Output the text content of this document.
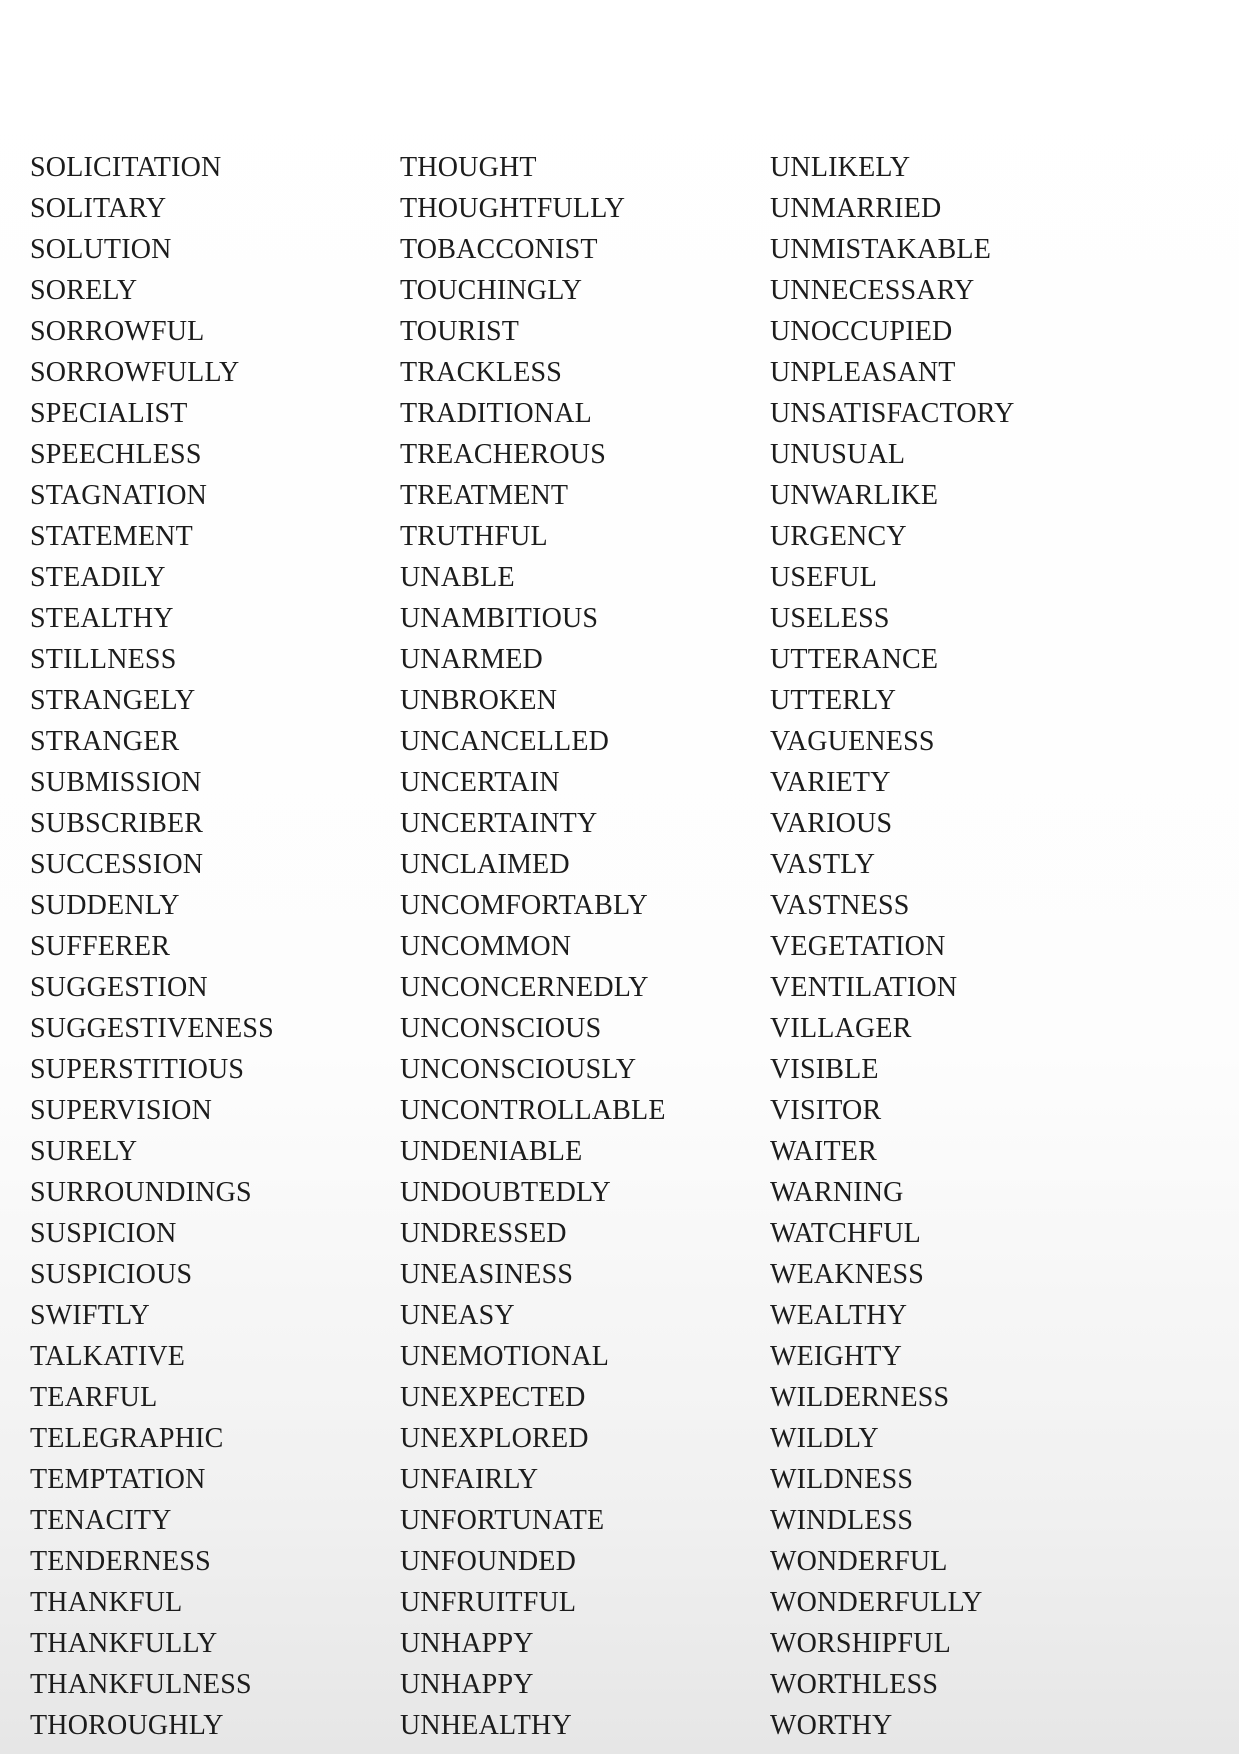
SOLICITATION
SOLITARY
SOLUTION
SORELY
SORROWFUL
SORROWFULLY
SPECIALIST
SPEECHLESS
STAGNATION
STATEMENT
STEADILY
STEALTHY
STILLNESS
STRANGELY
STRANGER
SUBMISSION
SUBSCRIBER
SUCCESSION
SUDDENLY
SUFFERER
SUGGESTION
SUGGESTIVENESS
SUPERSTITIOUS
SUPERVISION
SURELY
SURROUNDINGS
SUSPICION
SUSPICIOUS
SWIFTLY
TALKATIVE
TEARFUL
TELEGRAPHIC
TEMPTATION
TENACITY
TENDERNESS
THANKFUL
THANKFULLY
THANKFULNESS
THOROUGHLY
THOUGHT
THOUGHTFULLY
TOBACCONIST
TOUCHINGLY
TOURIST
TRACKLESS
TRADITIONAL
TREACHEROUS
TREATMENT
TRUTHFUL
UNABLE
UNAMBITIOUS
UNARMED
UNBROKEN
UNCANCELLED
UNCERTAIN
UNCERTAINTY
UNCLAIMED
UNCOMFORTABLY
UNCOMMON
UNCONCERNEDLY
UNCONSCIOUS
UNCONSCIOUSLY
UNCONTROLLABLE
UNDENIABLE
UNDOUBTEDLY
UNDRESSED
UNEASINESS
UNEASY
UNEMOTIONAL
UNEXPECTED
UNEXPLORED
UNFAIRLY
UNFORTUNATE
UNFOUNDED
UNFRUITFUL
UNHAPPY
UNHAPPY
UNHEALTHY
UNLIKELY
UNMARRIED
UNMISTAKABLE
UNNECESSARY
UNOCCUPIED
UNPLEASANT
UNSATISFACTORY
UNUSUAL
UNWARLIKE
URGENCY
USEFUL
USELESS
UTTERANCE
UTTERLY
VAGUENESS
VARIETY
VARIOUS
VASTLY
VASTNESS
VEGETATION
VENTILATION
VILLAGER
VISIBLE
VISITOR
WAITER
WARNING
WATCHFUL
WEAKNESS
WEALTHY
WEIGHTY
WILDERNESS
WILDLY
WILDNESS
WINDLESS
WONDERFUL
WONDERFULLY
WORSHIPFUL
WORTHLESS
WORTHY
